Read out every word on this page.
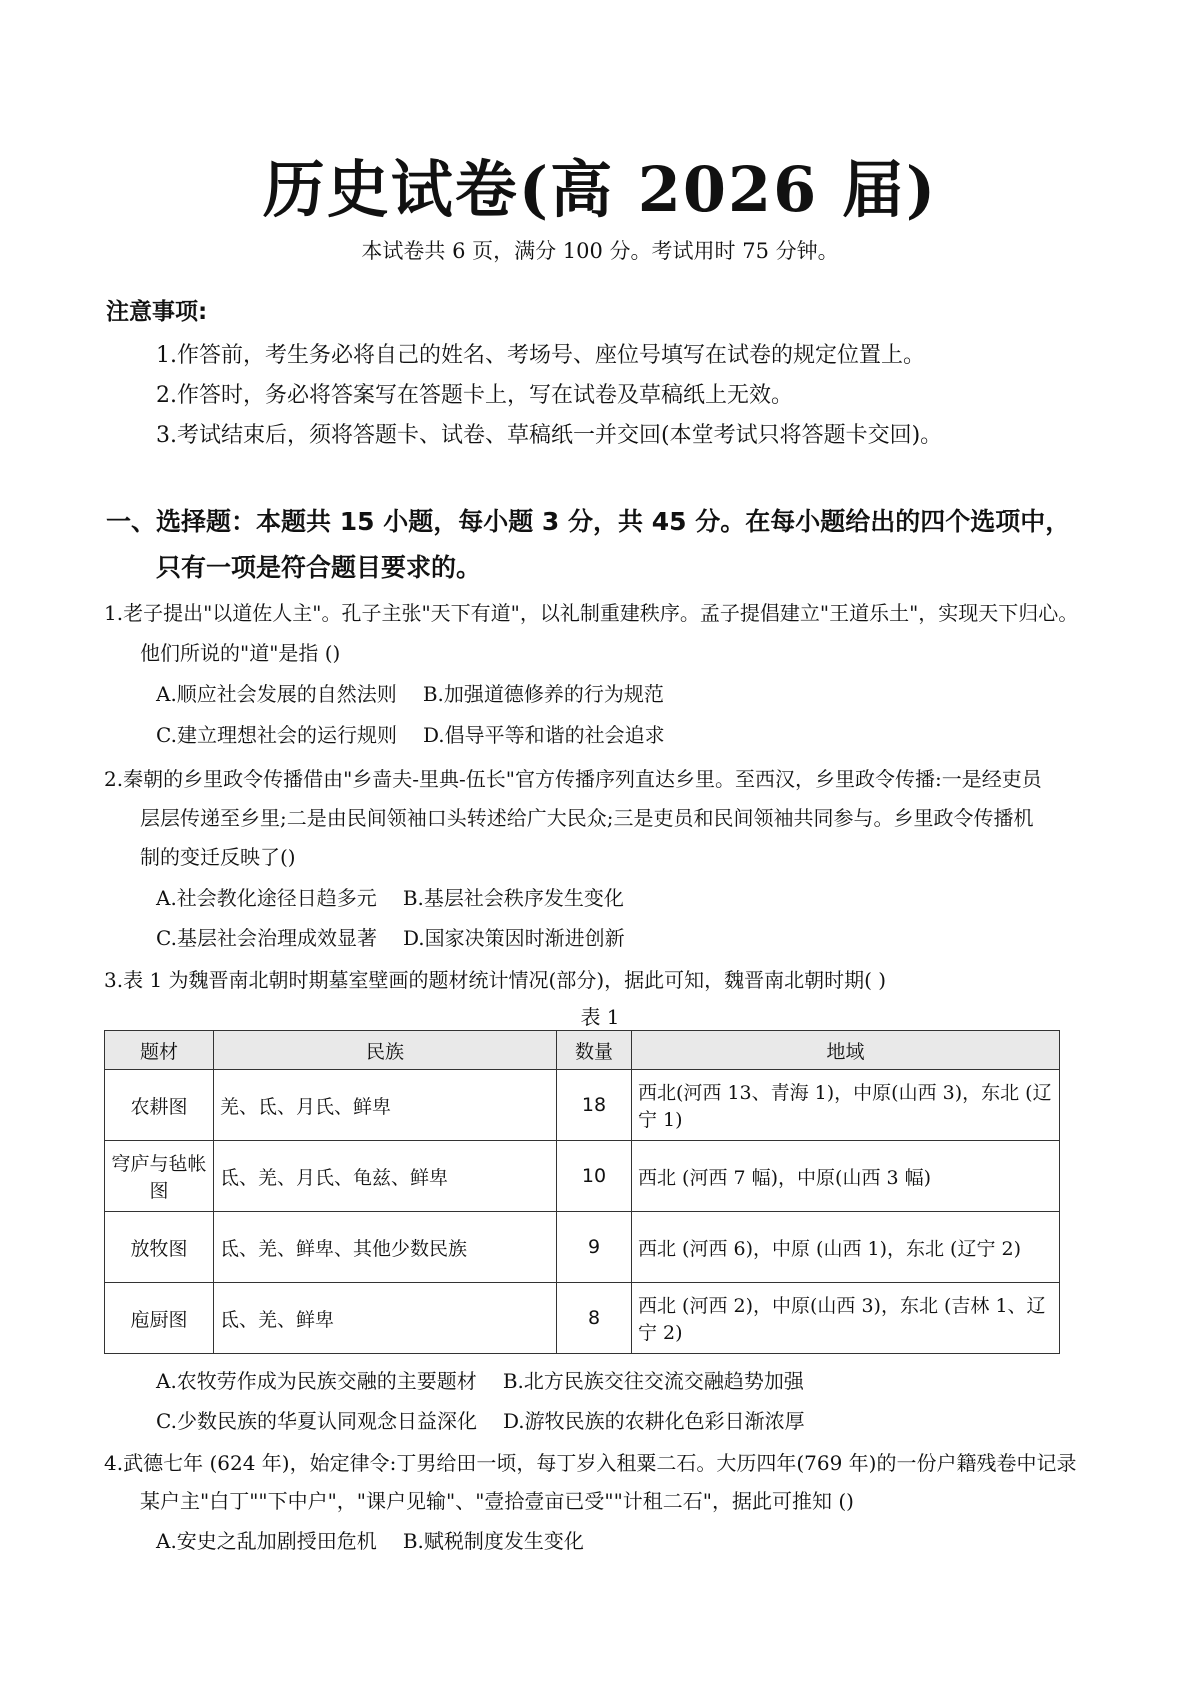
历史试卷(高 2026 届)
本试卷共 6 页，满分 100 分。考试用时 75 分钟。
注意事项:
1.作答前，考生务必将自己的姓名、考场号、座位号填写在试卷的规定位置上。
2.作答时，务必将答案写在答题卡上，写在试卷及草稿纸上无效。
3.考试结束后，须将答题卡、试卷、草稿纸一并交回(本堂考试只将答题卡交回)。
一、选择题：本题共 15 小题，每小题 3 分，共 45 分。在每小题给出的四个选项中，
只有一项是符合题目要求的。
1.老子提出"以道佐人主"。孔子主张"天下有道"，以礼制重建秩序。孟子提倡建立"王道乐土"，实现天下归心。
他们所说的"道"是指 ()
A.顺应社会发展的自然法则 B.加强道德修养的行为规范
C.建立理想社会的运行规则 D.倡导平等和谐的社会追求
2.秦朝的乡里政令传播借由"乡啬夫-里典-伍长"官方传播序列直达乡里。至西汉，乡里政令传播:一是经吏员
层层传递至乡里;二是由民间领袖口头转述给广大民众;三是吏员和民间领袖共同参与。乡里政令传播机
制的变迁反映了()
A.社会教化途径日趋多元 B.基层社会秩序发生变化
C.基层社会治理成效显著 D.国家决策因时渐进创新
3.表 1 为魏晋南北朝时期墓室壁画的题材统计情况(部分)，据此可知，魏晋南北朝时期( )
表 1
题材	民族	数量	地域
农耕图	羌、氐、月氏、鲜卑	18	西北(河西 13、青海 1)，中原(山西 3)，东北 (辽宁 1)
穹庐与毡帐图	氐、羌、月氏、龟兹、鲜卑	10	西北 (河西 7 幅)，中原(山西 3 幅)
放牧图	氐、羌、鲜卑、其他少数民族	9	西北 (河西 6)，中原 (山西 1)，东北 (辽宁 2)
庖厨图	氐、羌、鲜卑	8	西北 (河西 2)，中原(山西 3)，东北 (吉林 1、辽宁 2)
A.农牧劳作成为民族交融的主要题材 B.北方民族交往交流交融趋势加强
C.少数民族的华夏认同观念日益深化 D.游牧民族的农耕化色彩日渐浓厚
4.武德七年 (624 年)，始定律令:丁男给田一顷，每丁岁入租粟二石。大历四年(769 年)的一份户籍残卷中记录
某户主"白丁""下中户"，"课户见输"、"壹拾壹亩已受""计租二石"，据此可推知 ()
A.安史之乱加剧授田危机 B.赋税制度发生变化
